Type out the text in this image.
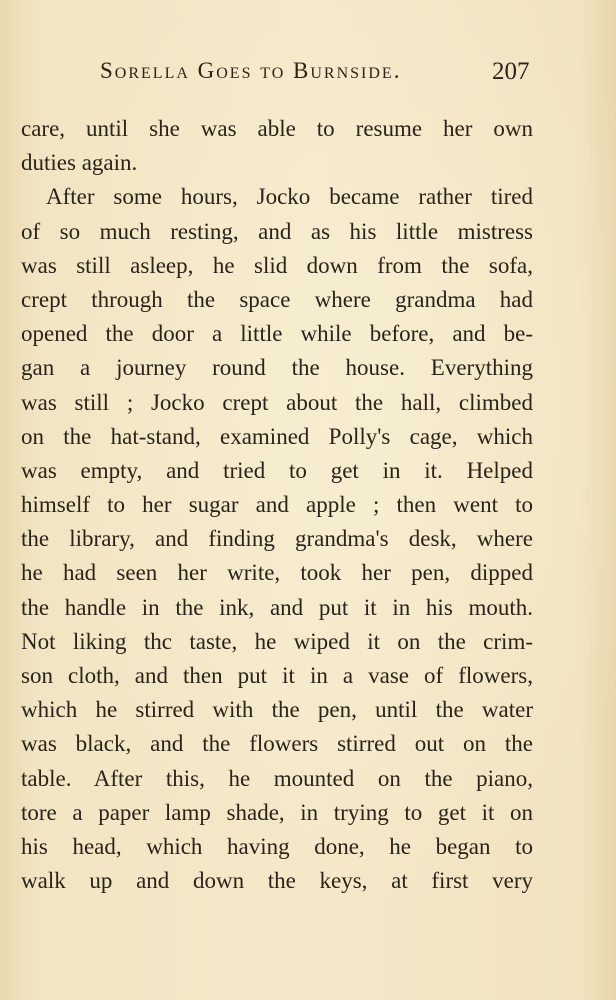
Sorella Goes to Burnside.	207
care, until she was able to resume her own
duties again.
After some hours, Jocko became rather tired
of so much resting, and as his little mistress
was still asleep, he slid down from the sofa,
crept through the space where grandma had
opened the door a little while before, and be-
gan a journey round the house. Everything
was still ; Jocko crept about the hall, climbed
on the hat-stand, examined Polly's cage, which
was empty, and tried to get in it. Helped
himself to her sugar and apple ; then went to
the library, and finding grandma's desk, where
he had seen her write, took her pen, dipped
the handle in the ink, and put it in his mouth.
Not liking thc taste, he wiped it on the crim-
son cloth, and then put it in a vase of flowers,
which he stirred with the pen, until the water
was black, and the flowers stirred out on the
table. After this, he mounted on the piano,
tore a paper lamp shade, in trying to get it on
his head, which having done, he began to
walk up and down the keys, at first very
